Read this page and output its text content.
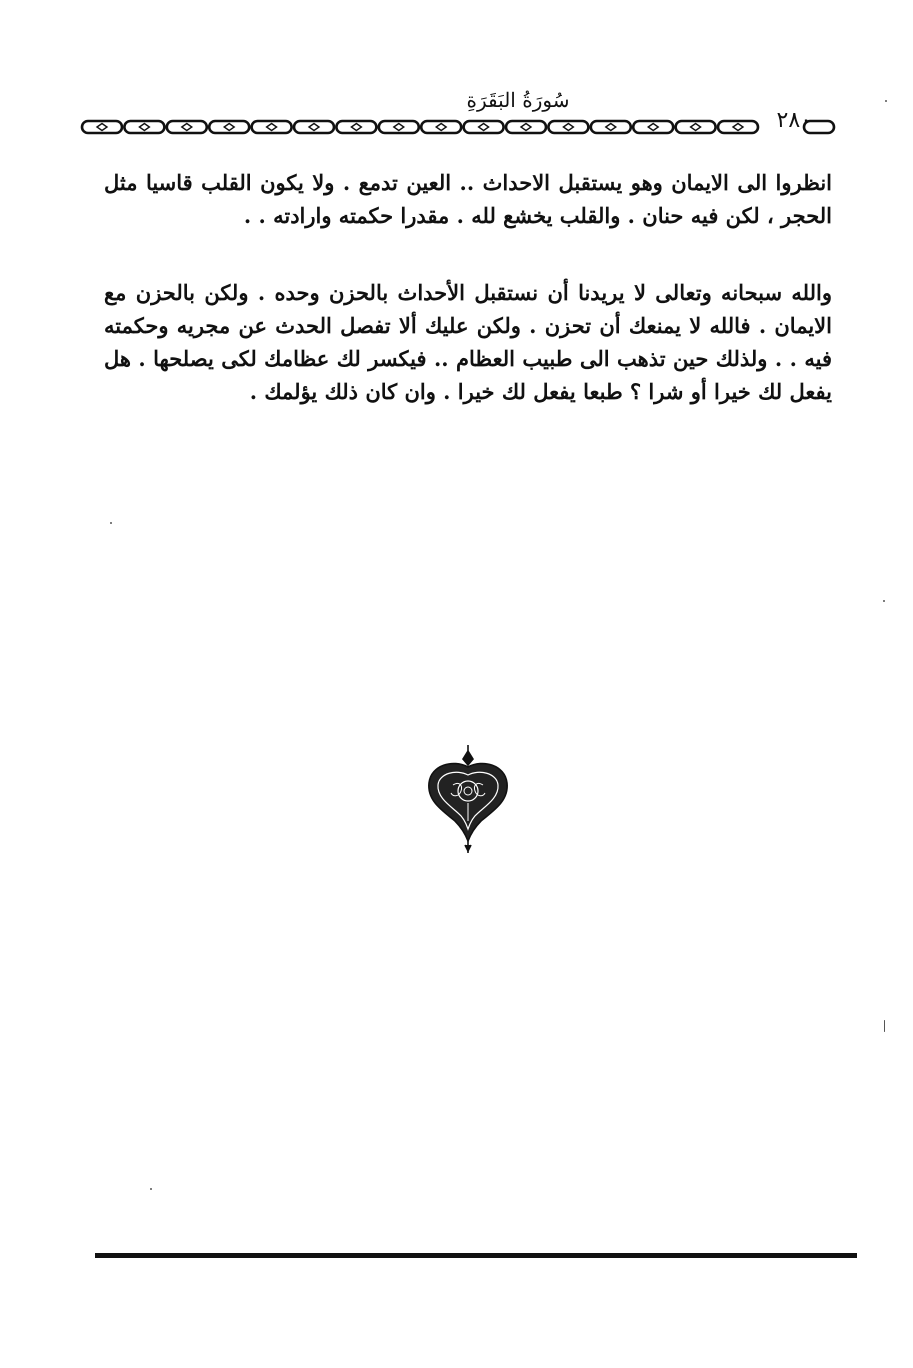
سُورَةُ البَقَرَةِ
٢٨٠

انظروا الى الايمان وهو يستقبل الاحداث .. العين تدمع . ولا يكون القلب قاسيا مثل الحجر ، لكن فيه حنان . والقلب يخشع لله . مقدرا حكمته وارادته . .

والله سبحانه وتعالى لا يريدنا أن نستقبل الأحداث بالحزن وحده . ولكن بالحزن مع الايمان . فالله لا يمنعك أن تحزن . ولكن عليك ألا تفصل الحدث عن مجريه وحكمته فيه . . ولذلك حين تذهب الى طبيب العظام .. فيكسر لك عظامك لكى يصلحها . هل يفعل لك خيرا أو شرا ؟ طبعا يفعل لك خيرا . وان كان ذلك يؤلمك .
